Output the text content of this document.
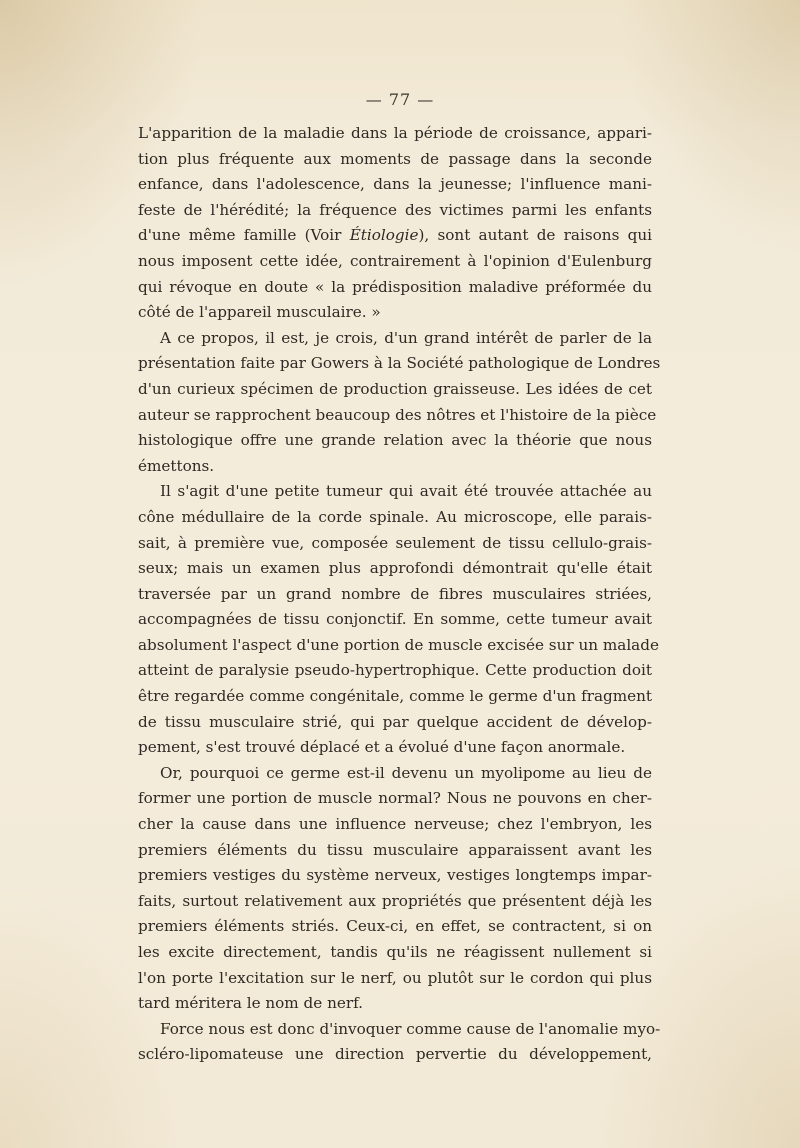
— 77 —
L'apparition de la maladie dans la période de croissance, appari-
tion plus fréquente aux moments de passage dans la seconde
enfance, dans l'adolescence, dans la jeunesse; l'influence mani-
feste de l'hérédité; la fréquence des victimes parmi les enfants
d'une même famille (Voir Étiologie), sont autant de raisons qui
nous imposent cette idée, contrairement à l'opinion d'Eulenburg
qui révoque en doute « la prédisposition maladive préformée du
côté de l'appareil musculaire. »
A ce propos, il est, je crois, d'un grand intérêt de parler de la
présentation faite par Gowers à la Société pathologique de Londres
d'un curieux spécimen de production graisseuse. Les idées de cet
auteur se rapprochent beaucoup des nôtres et l'histoire de la pièce
histologique offre une grande relation avec la théorie que nous
émettons.
Il s'agit d'une petite tumeur qui avait été trouvée attachée au
cône médullaire de la corde spinale. Au microscope, elle parais-
sait, à première vue, composée seulement de tissu cellulo-grais-
seux; mais un examen plus approfondi démontrait qu'elle était
traversée par un grand nombre de fibres musculaires striées,
accompagnées de tissu conjonctif. En somme, cette tumeur avait
absolument l'aspect d'une portion de muscle excisée sur un malade
atteint de paralysie pseudo-hypertrophique. Cette production doit
être regardée comme congénitale, comme le germe d'un fragment
de tissu musculaire strié, qui par quelque accident de dévelop-
pement, s'est trouvé déplacé et a évolué d'une façon anormale.
Or, pourquoi ce germe est-il devenu un myolipome au lieu de
former une portion de muscle normal? Nous ne pouvons en cher-
cher la cause dans une influence nerveuse; chez l'embryon, les
premiers éléments du tissu musculaire apparaissent avant les
premiers vestiges du système nerveux, vestiges longtemps impar-
faits, surtout relativement aux propriétés que présentent déjà les
premiers éléments striés. Ceux-ci, en effet, se contractent, si on
les excite directement, tandis qu'ils ne réagissent nullement si
l'on porte l'excitation sur le nerf, ou plutôt sur le cordon qui plus
tard méritera le nom de nerf.
Force nous est donc d'invoquer comme cause de l'anomalie myo-
scléro-lipomateuse une direction pervertie du développement,
